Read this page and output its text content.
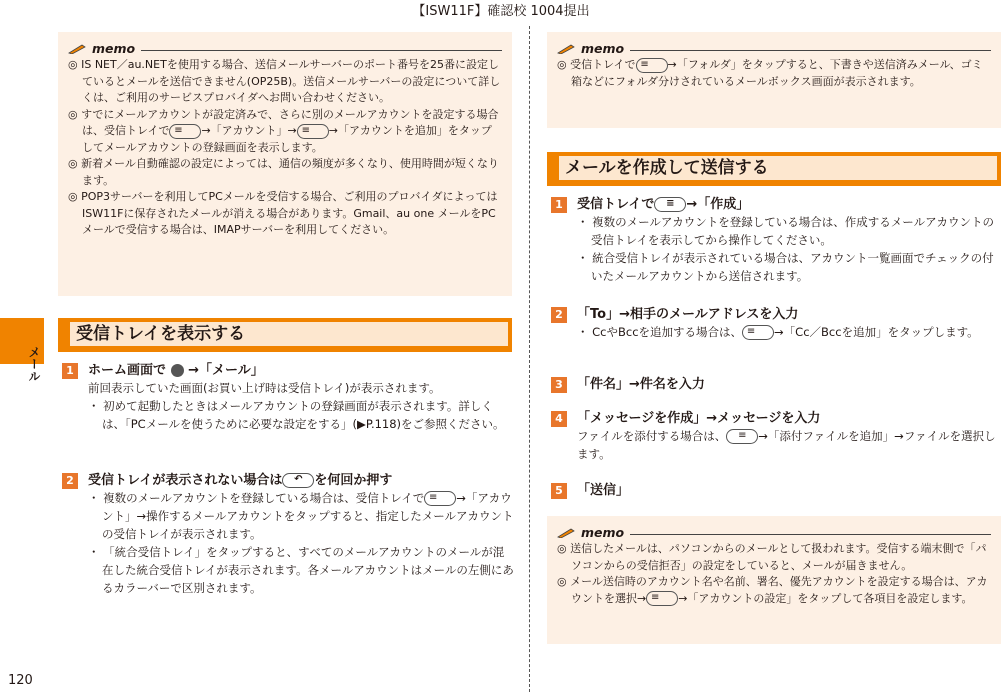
【ISW11F】確認校 1004提出
メール
120
memo

◎ IS NET／au.NETを使用する場合、送信メールサーバーのポート番号を25番に設定しているとメールを送信できません(OP25B)。送信メールサーバーの設定について詳しくは、ご利用のサービスプロバイダへお問い合わせください。

◎ すでにメールアカウントが設定済みで、さらに別のメールアカウントを設定する場合は、受信トレイで ≡ →「アカウント」→ ≡ →「アカウントを追加」をタップしてメールアカウントの登録画面を表示します。

◎ 新着メール自動確認の設定によっては、通信の頻度が多くなり、使用時間が短くなります。

◎ POP3サーバーを利用してPCメールを受信する場合、ご利用のプロバイダによってはISW11Fに保存されたメールが消える場合があります。Gmail、au one メールをPCメールで受信する場合は、IMAPサーバーを利用してください。

受信トレイを表示する
1	ホーム画面で →「メール」
前回表示していた画面(お買い上げ時は受信トレイ)が表示されます。
・ 初めて起動したときはメールアカウントの登録画面が表示されます。詳しくは、「PCメールを使うために必要な設定をする」(▶P.118)をご参照ください。
2	受信トレイが表示されない場合は ↶ を何回か押す
・ 複数のメールアカウントを登録している場合は、受信トレイで ≡ →「アカウント」→操作するメールアカウントをタップすると、指定したメールアカウントの受信トレイが表示されます。
・ 「統合受信トレイ」をタップすると、すべてのメールアカウントのメールが混在した統合受信トレイが表示されます。各メールアカウントはメールの左側にあるカラーバーで区別されます。
memo

◎ 受信トレイで ≡ →「フォルダ」をタップすると、下書きや送信済みメール、ゴミ箱などにフォルダ分けされているメールボックス画面が表示されます。

メールを作成して送信する
1	受信トレイで ≡ →「作成」
・ 複数のメールアカウントを登録している場合は、作成するメールアカウントの受信トレイを表示してから操作してください。
・ 統合受信トレイが表示されている場合は、アカウント一覧画面でチェックの付いたメールアカウントから送信されます。
2	「To」→相手のメールアドレスを入力
・ CcやBccを追加する場合は、 ≡ →「Cc／Bccを追加」をタップします。
3	「件名」→件名を入力
4	「メッセージを作成」→メッセージを入力
ファイルを添付する場合は、 ≡ →「添付ファイルを追加」→ファイルを選択します。
5	「送信」
memo

◎ 送信したメールは、パソコンからのメールとして扱われます。受信する端末側で「パソコンからの受信拒否」の設定をしていると、メールが届きません。

◎ メール送信時のアカウント名や名前、署名、優先アカウントを設定する場合は、アカウントを選択→ ≡ →「アカウントの設定」をタップして各項目を設定します。
